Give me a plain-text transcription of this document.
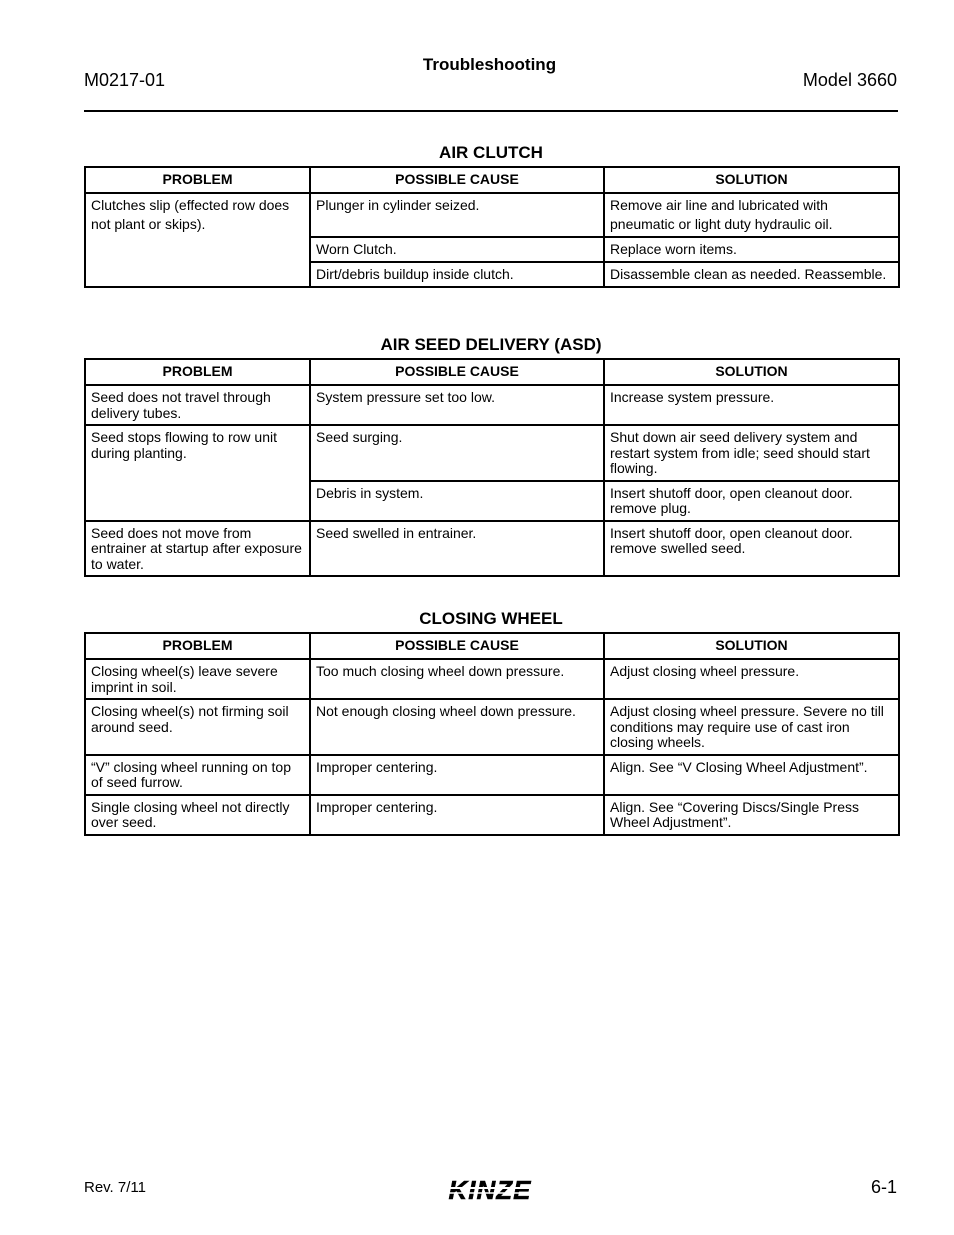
M0217-01
Troubleshooting
Model 3660
AIR CLUTCH
PROBLEM	POSSIBLE CAUSE	SOLUTION
Clutches slip (effected row does not plant or skips).	Plunger in cylinder seized.	Remove air line and lubricated with pneumatic or light duty hydraulic oil.
	Worn Clutch.	Replace worn items.
	Dirt/debris buildup inside clutch.	Disassemble clean as needed. Reassemble.
AIR SEED DELIVERY (ASD)
PROBLEM	POSSIBLE CAUSE	SOLUTION
Seed does not travel through delivery tubes.	System pressure set too low.	Increase system pressure.
Seed stops flowing to row unit during planting.	Seed surging.	Shut down air seed delivery system and restart system from idle; seed should start flowing.
	Debris in system.	Insert shutoff door, open cleanout door. remove plug.
Seed does not move from entrainer at startup after exposure to water.	Seed swelled in entrainer.	Insert shutoff door, open cleanout door. remove swelled seed.
CLOSING WHEEL
PROBLEM	POSSIBLE CAUSE	SOLUTION
Closing wheel(s) leave severe imprint in soil.	Too much closing wheel down pressure.	Adjust closing wheel pressure.
Closing wheel(s) not firming soil around seed.	Not enough closing wheel down pressure.	Adjust closing wheel pressure. Severe no till conditions may require use of cast iron closing wheels.
“V” closing wheel running on top of seed furrow.	Improper centering.	Align. See “V Closing Wheel Adjustment”.
Single closing wheel not directly over seed.	Improper centering.	Align. See “Covering Discs/Single Press Wheel Adjustment”.
Rev. 7/11	KINZE	6-1
